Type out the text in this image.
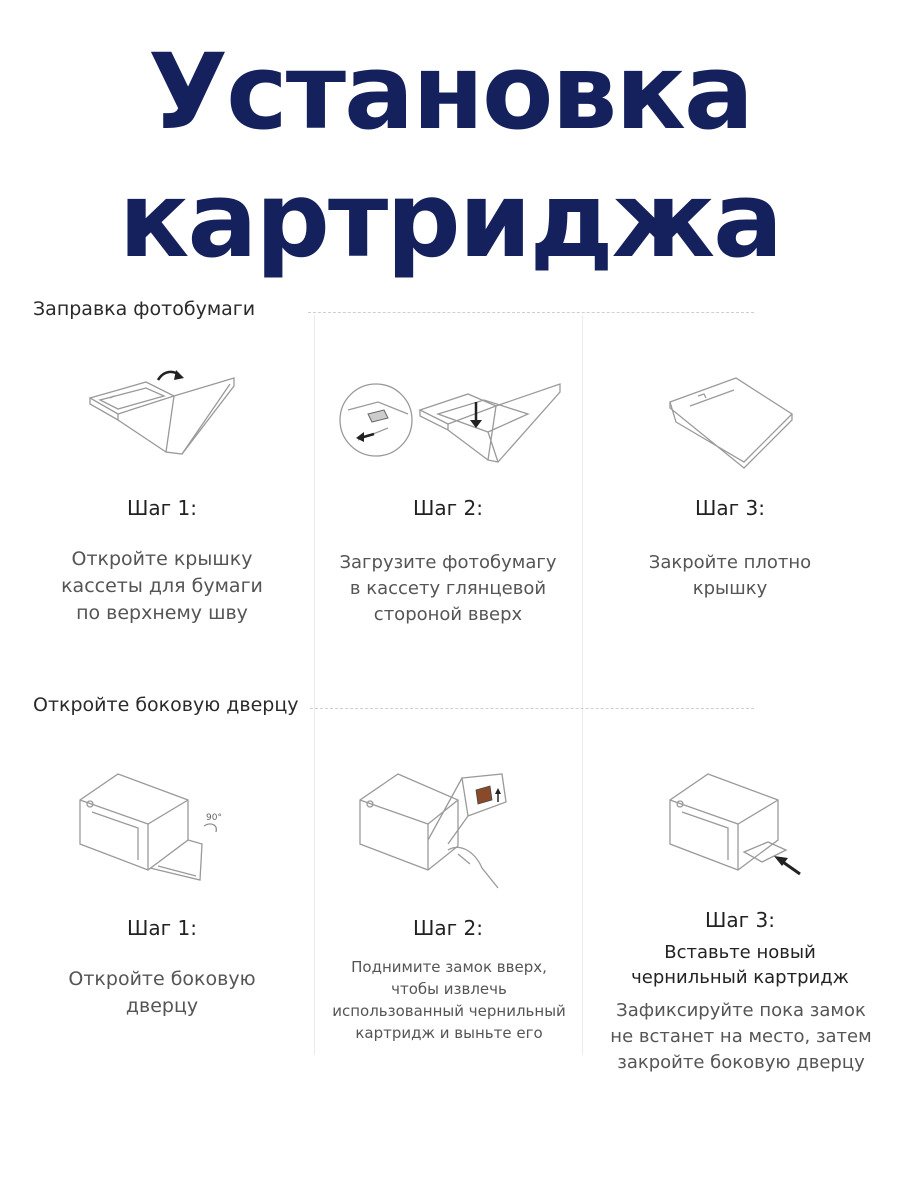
Установка
картриджа
Заправка фотобумаги
Шаг 1:
Откройте крышку
кассеты для бумаги
по верхнему шву
Шаг 2:
Загрузите фотобумагу
в кассету глянцевой
стороной вверх
Шаг 3:
Закройте плотно
крышку
Откройте боковую дверцу
90°
Шаг 1:
Откройте боковую
дверцу
Шаг 2:
Поднимите замок вверх,
чтобы извлечь
использованный чернильный
картридж и выньте его
Шаг 3:
Вставьте новый
чернильный картридж
Зафиксируйте пока замок
не встанет на место, затем
закройте боковую дверцу
